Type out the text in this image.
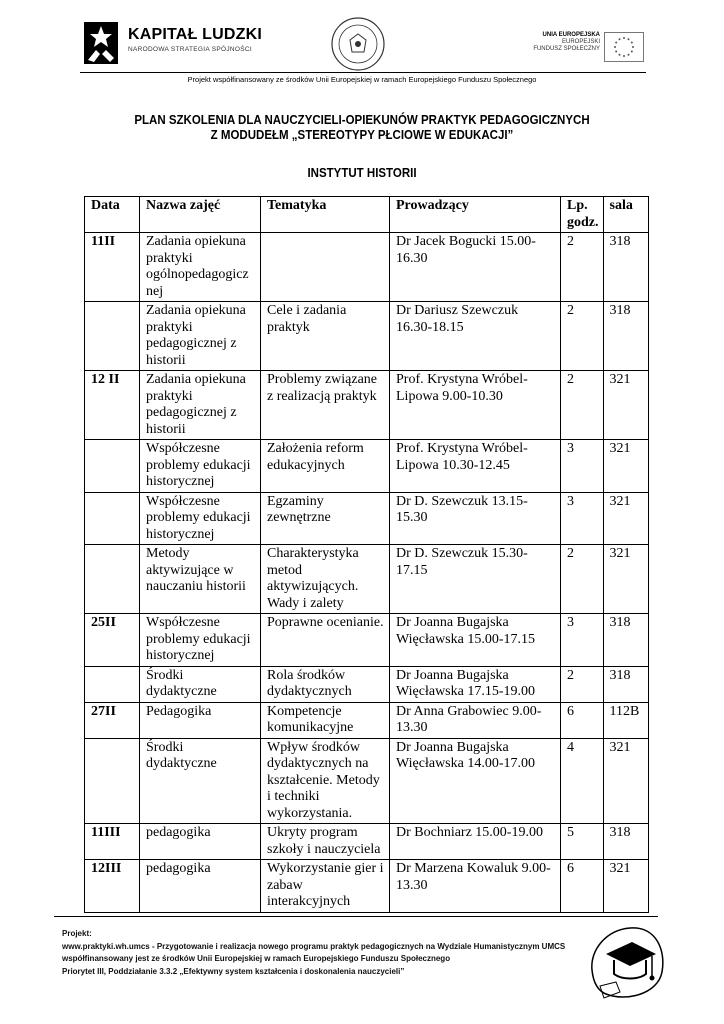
KAPITAŁ LUDZKI
NARODOWA STRATEGIA SPÓJNOŚCI
UNIA EUROPEJSKA
EUROPEJSKI
FUNDUSZ SPOŁECZNY
Projekt współfinansowany ze środków Unii Europejskiej w ramach Europejskiego Funduszu Społecznego
PLAN SZKOLENIA DLA NAUCZYCIELI-OPIEKUNÓW PRAKTYK PEDAGOGICZNYCH
Z MODUDEŁM „STEREOTYPY PŁCIOWE W EDUKACJI”
INSTYTUT HISTORII
Data	Nazwa zajęć	Tematyka	Prowadzący	Lp. godz.	sala
11II	Zadania opiekuna praktyki ogólnopedagogicz nej		Dr Jacek Bogucki 15.00-16.30	2	318
	Zadania opiekuna praktyki pedagogicznej z historii	Cele i zadania praktyk	Dr Dariusz Szewczuk 16.30-18.15	2	318
12 II	Zadania opiekuna praktyki pedagogicznej z historii	Problemy związane z realizacją praktyk	Prof. Krystyna Wróbel-Lipowa 9.00-10.30	2	321
	Współczesne problemy edukacji historycznej	Założenia reform edukacyjnych	Prof. Krystyna Wróbel-Lipowa 10.30-12.45	3	321
	Współczesne problemy edukacji historycznej	Egzaminy zewnętrzne	Dr D. Szewczuk 13.15-15.30	3	321
	Metody aktywizujące w nauczaniu historii	Charakterystyka metod aktywizujących. Wady i zalety	Dr D. Szewczuk 15.30-17.15	2	321
25II	Współczesne problemy edukacji historycznej	Poprawne ocenianie.	Dr Joanna Bugajska Więcławska 15.00-17.15	3	318
	Środki dydaktyczne	Rola środków dydaktycznych	Dr Joanna Bugajska Więcławska 17.15-19.00	2	318
27II	Pedagogika	Kompetencje komunikacyjne	Dr Anna Grabowiec 9.00-13.30	6	112B
	Środki dydaktyczne	Wpływ środków dydaktycznych na kształcenie. Metody i techniki wykorzystania.	Dr Joanna Bugajska Więcławska 14.00-17.00	4	321
11III	pedagogika	Ukryty program szkoły i nauczyciela	Dr Bochniarz 15.00-19.00	5	318
12III	pedagogika	Wykorzystanie gier i zabaw interakcyjnych	Dr Marzena Kowaluk 9.00-13.30	6	321
Projekt:
www.praktyki.wh.umcs - Przygotowanie i realizacja nowego programu praktyk pedagogicznych na Wydziale Humanistycznym UMCS
współfinansowany jest ze środków Unii Europejskiej w ramach Europejskiego Funduszu Społecznego
Priorytet III, Poddziałanie 3.3.2 „Efektywny system kształcenia i doskonalenia nauczycieli”
